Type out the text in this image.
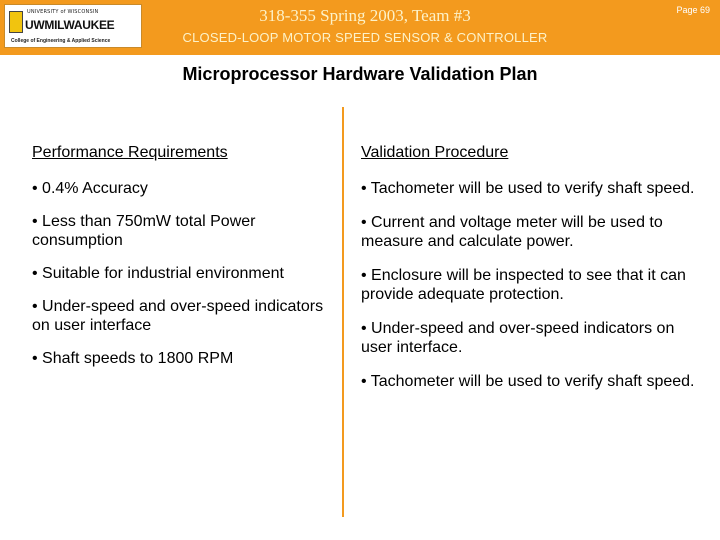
UNIVERSITY of WISCONSIN
UWMILWAUKEE
College of Engineering & Applied Science
318-355 Spring 2003, Team #3
CLOSED-LOOP MOTOR SPEED SENSOR & CONTROLLER
Page 69
Microprocessor Hardware Validation Plan
Performance Requirements
• 0.4% Accuracy
• Less than 750mW total Power consumption
• Suitable for industrial environment
• Under-speed and over-speed indicators on user interface
• Shaft speeds to 1800 RPM
Validation Procedure
• Tachometer will be used to verify shaft speed.
• Current and voltage meter will be used to measure and calculate power.
• Enclosure will be inspected to see that it can provide adequate protection.
• Under-speed and over-speed indicators on user interface.
• Tachometer will be used to verify shaft speed.
